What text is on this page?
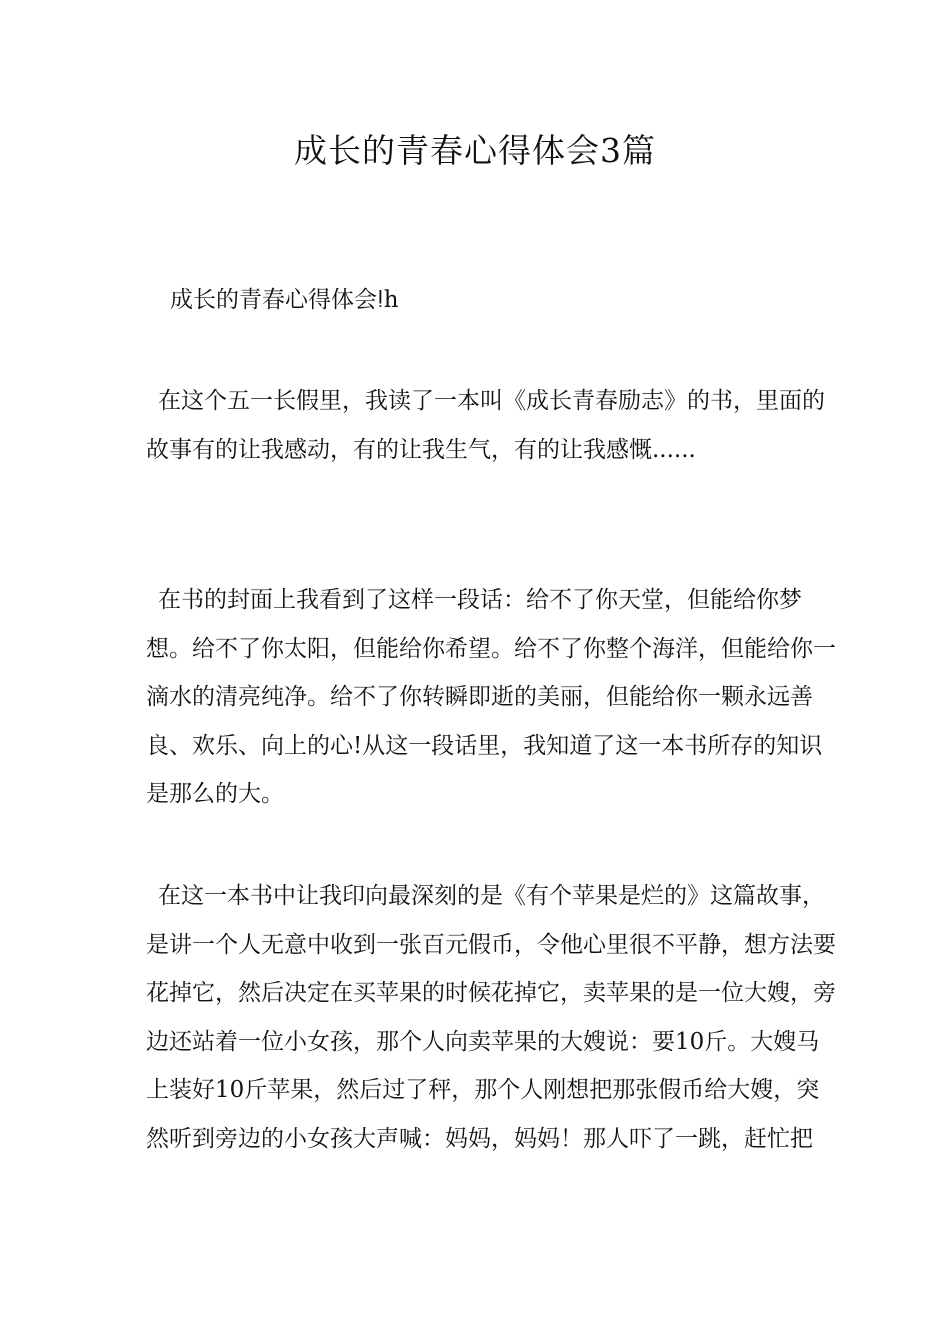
成长的青春心得体会3篇

成长的青春心得体会ǃh

在这个五一长假里，我读了一本叫《成长青春励志》的书，里面的故事有的让我感动，有的让我生气，有的让我感慨......

在书的封面上我看到了这样一段话：给不了你天堂，但能给你梦想。给不了你太阳，但能给你希望。给不了你整个海洋，但能给你一滴水的清亮纯净。给不了你转瞬即逝的美丽，但能给你一颗永远善良、欢乐、向上的心!从这一段话里，我知道了这一本书所存的知识是那么的大。

在这一本书中让我印向最深刻的是《有个苹果是烂的》这篇故事，是讲一个人无意中收到一张百元假币，令他心里很不平静，想方法要花掉它，然后决定在买苹果的时候花掉它，卖苹果的是一位大嫂，旁边还站着一位小女孩，那个人向卖苹果的大嫂说：要10斤。大嫂马上装好10斤苹果，然后过了秤，那个人刚想把那张假币给大嫂，突然听到旁边的小女孩大声喊：妈妈，妈妈！那人吓了一跳，赶忙把
